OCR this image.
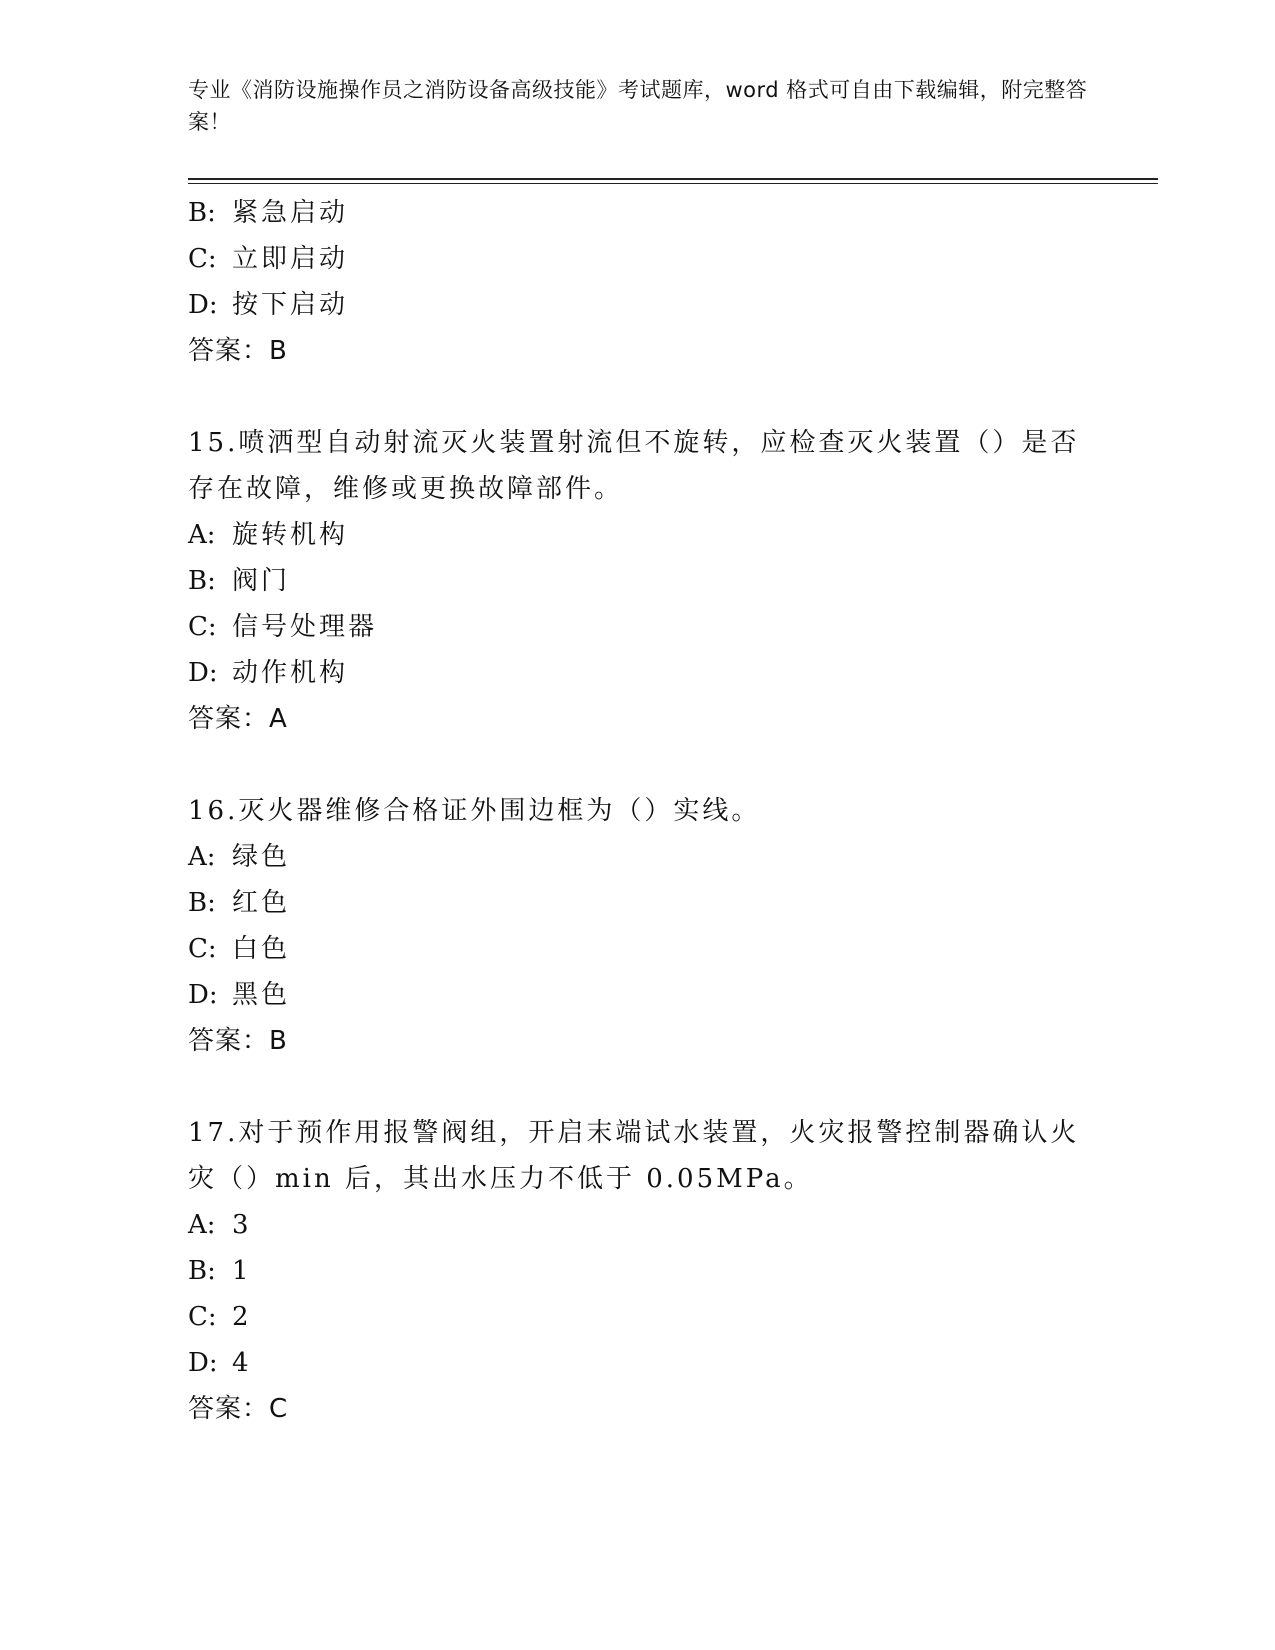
专业《消防设施操作员之消防设备高级技能》考试题库，word 格式可自由下载编辑，附完整答案！
B: 紧急启动
C: 立即启动
D: 按下启动
答案：B
15.喷洒型自动射流灭火装置射流但不旋转，应检查灭火装置（）是否存在故障，维修或更换故障部件。
A: 旋转机构
B: 阀门
C: 信号处理器
D: 动作机构
答案：A
16.灭火器维修合格证外围边框为（）实线。
A: 绿色
B: 红色
C: 白色
D: 黑色
答案：B
17.对于预作用报警阀组，开启末端试水装置，火灾报警控制器确认火灾（）min 后，其出水压力不低于 0.05MPa。
A: 3
B: 1
C: 2
D: 4
答案：C
